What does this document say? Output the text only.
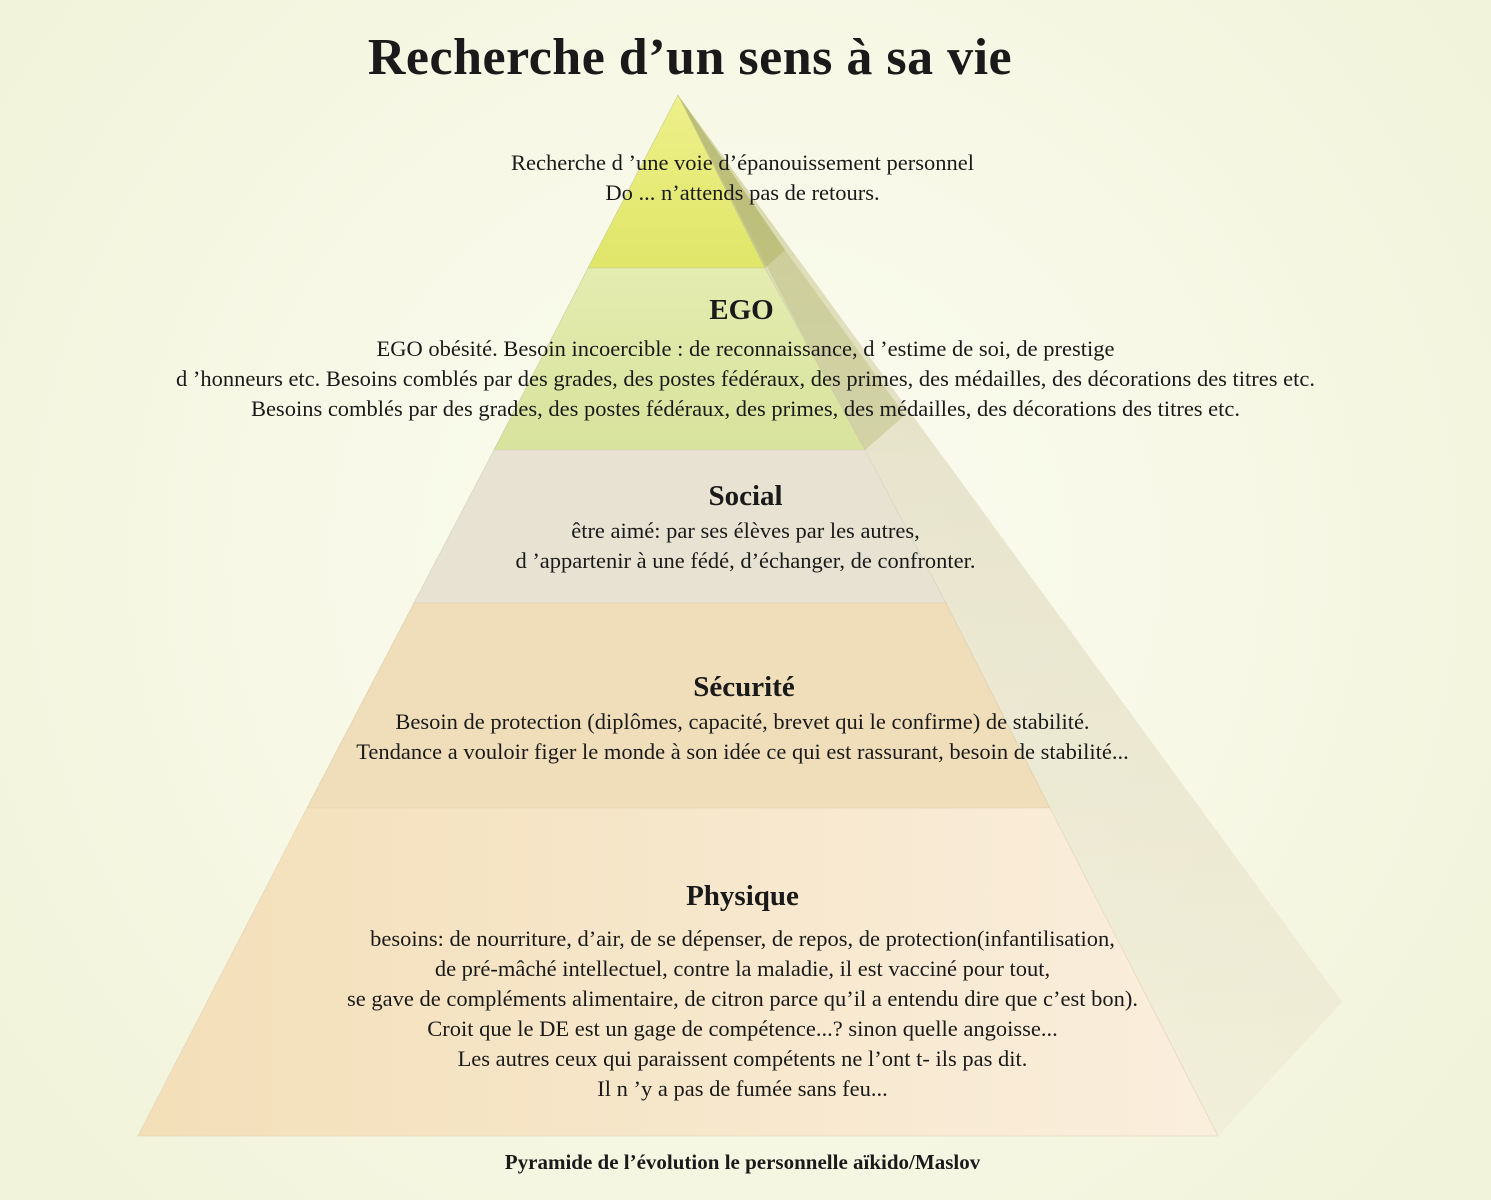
Recherche d’un sens à sa vie
Recherche d ’une voie d’épanouissement personnel
Do ... n’attends pas de retours.
EGO
EGO obésité. Besoin incoercible : de reconnaissance, d ’estime de soi, de prestige
d ’honneurs etc. Besoins comblés par des grades, des postes fédéraux, des primes, des médailles, des décorations des titres etc.
Besoins comblés par des grades, des postes fédéraux, des primes, des médailles, des décorations des titres etc.
Social
être aimé: par ses élèves par les autres,
d ’appartenir à une fédé, d’échanger, de confronter.
Sécurité
Besoin de protection (diplômes, capacité, brevet qui le confirme) de stabilité.
Tendance a vouloir figer le monde à son idée ce qui est rassurant, besoin de stabilité...
Physique
besoins: de nourriture, d’air, de se dépenser, de repos, de protection(infantilisation,
de pré-mâché intellectuel, contre la maladie, il est vacciné pour tout,
se gave de compléments alimentaire, de citron parce qu’il a entendu dire que c’est bon).
Croit que le DE est un gage de compétence...? sinon quelle angoisse...
Les autres ceux qui paraissent compétents ne l’ont t- ils pas dit.
Il n ’y a pas de fumée sans feu...
Pyramide de l’évolution le personnelle aïkido/Maslov
